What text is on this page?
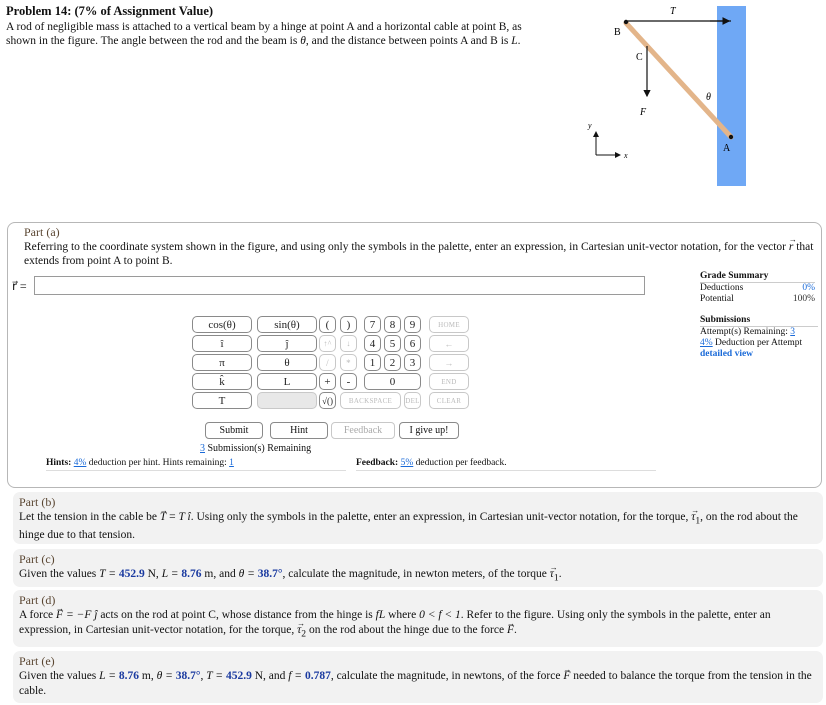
Problem 14: (7% of Assignment Value)
A rod of negligible mass is attached to a vertical beam by a hinge at point A and a horizontal cable at point B, as shown in the figure. The angle between the rod and the beam is θ, and the distance between points A and B is L.
T
B
C
F
θ
A
y
x
Part (a)
Referring to the coordinate system shown in the figure, and using only the symbols in the palette, enter an expression, in Cartesian unit-vector notation, for the vector → r that extends from point A to point B.
r⃗ =
Grade Summary
Deductions	0%
Potential	100%
Submissions
Attempt(s) Remaining: 3
4% Deduction per Attempt
detailed view
cos(θ)	sin(θ)
î	ĵ
π	θ
k̂	L
T
(	)	7	8	9	HOME
↑^	↓	4	5	6	←
/	*	1	2	3	→
+	-	0	END
√()	BACKSPACE	DEL	CLEAR
Submit	Hint	Feedback	I give up!
3 Submission(s) Remaining
Hints: 4% deduction per hint. Hints remaining: 1	Feedback: 5% deduction per feedback.
Part (b)
Let the tension in the cable be → T = T î. Using only the symbols in the palette, enter an expression, in Cartesian unit-vector notation, for the torque, → $\tau_1$, on the rod about the hinge due to that tension.
Part (c)
Given the values T = 452.9 N, L = 8.76 m, and θ = 38.7°, calculate the magnitude, in newton meters, of the torque → $\tau_1$.
Part (d)
A force → F = −F ĵ acts on the rod at point C, whose distance from the hinge is fL where 0 < f < 1. Refer to the figure. Using only the symbols in the palette, enter an expression, in Cartesian unit-vector notation, for the torque, → $\tau_2$ on the rod about the hinge due to the force → F.
Part (e)
Given the values L = 8.76 m, θ = 38.7°, T = 452.9 N, and f = 0.787, calculate the magnitude, in newtons, of the force → F needed to balance the torque from the tension in the cable.
